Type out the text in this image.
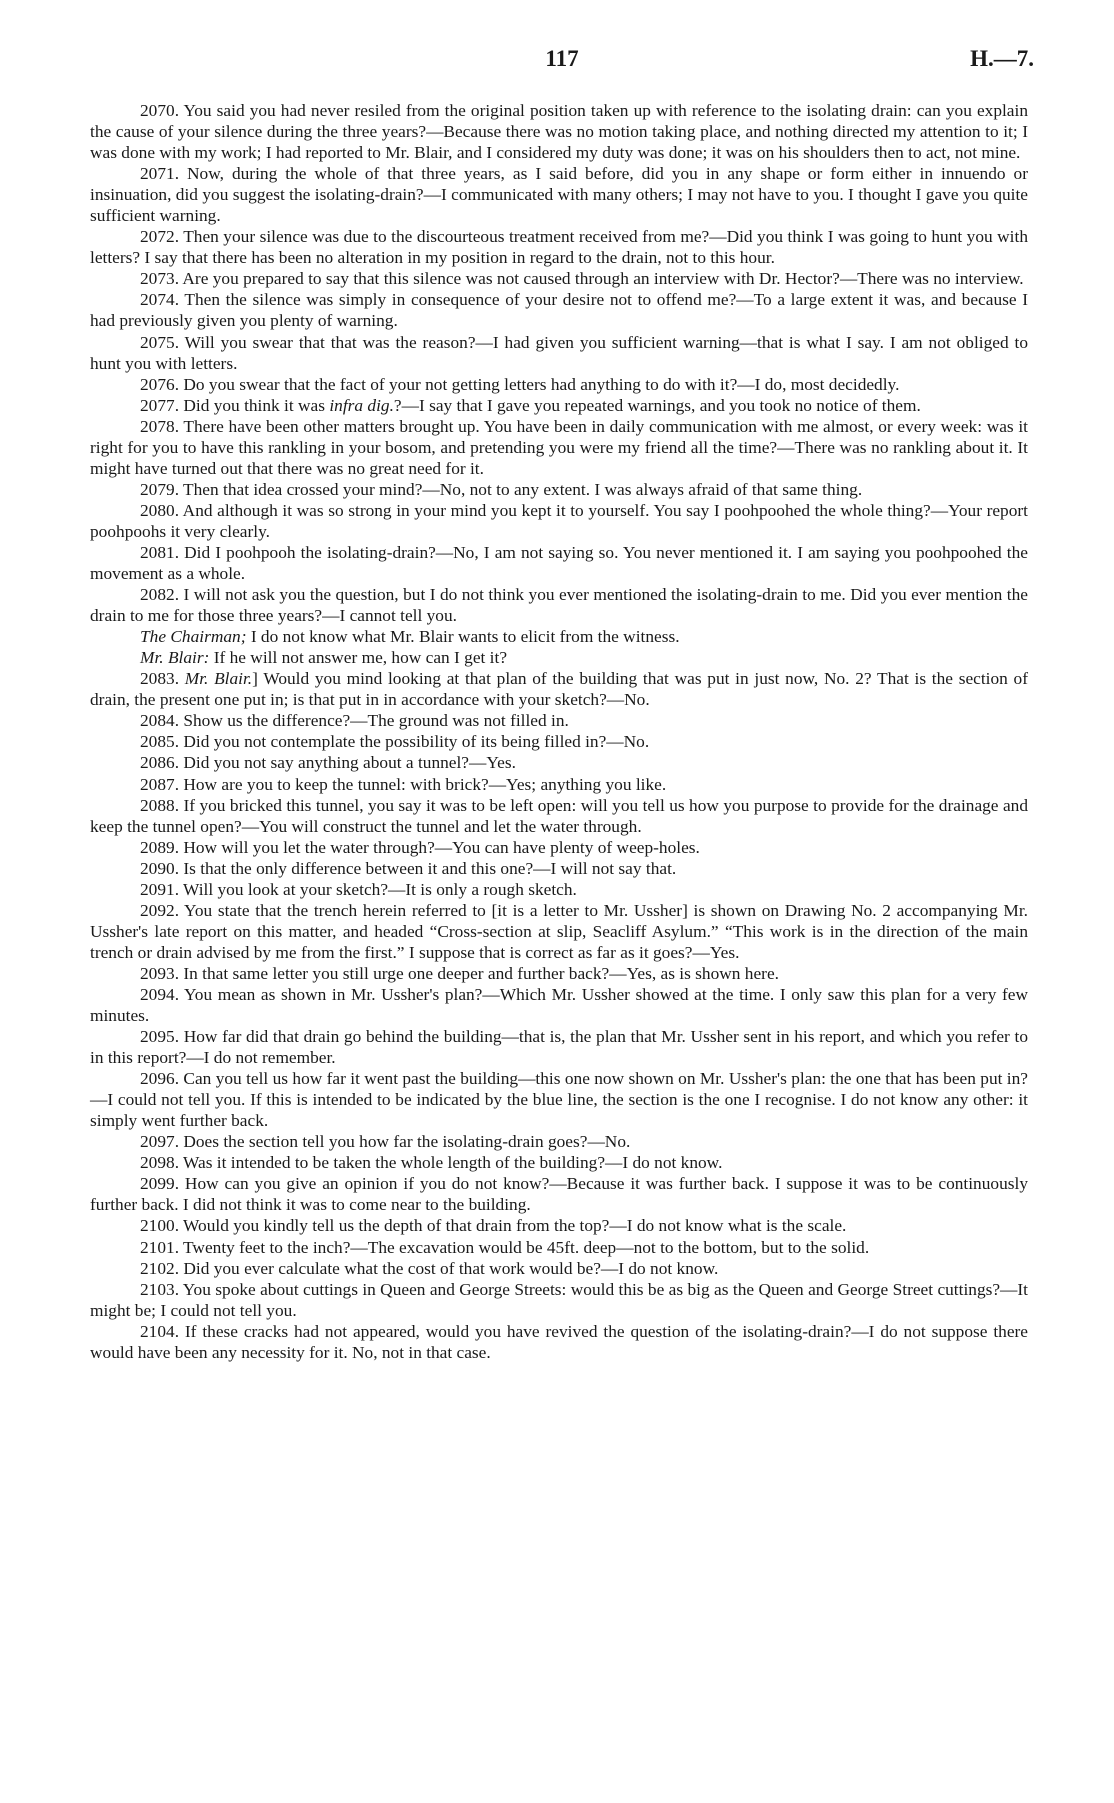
117	H.—7.

2070. You said you had never resiled from the original position taken up with reference to the isolating drain: can you explain the cause of your silence during the three years?—Because there was no motion taking place, and nothing directed my attention to it; I was done with my work; I had reported to Mr. Blair, and I considered my duty was done; it was on his shoulders then to act, not mine.

2071. Now, during the whole of that three years, as I said before, did you in any shape or form either in innuendo or insinuation, did you suggest the isolating-drain?—I communicated with many others; I may not have to you. I thought I gave you quite sufficient warning.

2072. Then your silence was due to the discourteous treatment received from me?—Did you think I was going to hunt you with letters? I say that there has been no alteration in my position in regard to the drain, not to this hour.

2073. Are you prepared to say that this silence was not caused through an interview with Dr. Hector?—There was no interview.

2074. Then the silence was simply in consequence of your desire not to offend me?—To a large extent it was, and because I had previously given you plenty of warning.

2075. Will you swear that that was the reason?—I had given you sufficient warning—that is what I say. I am not obliged to hunt you with letters.

2076. Do you swear that the fact of your not getting letters had anything to do with it?—I do, most decidedly.

2077. Did you think it was infra dig.?—I say that I gave you repeated warnings, and you took no notice of them.

2078. There have been other matters brought up. You have been in daily communication with me almost, or every week: was it right for you to have this rankling in your bosom, and pretending you were my friend all the time?—There was no rankling about it. It might have turned out that there was no great need for it.

2079. Then that idea crossed your mind?—No, not to any extent. I was always afraid of that same thing.

2080. And although it was so strong in your mind you kept it to yourself. You say I poohpoohed the whole thing?—Your report poohpoohs it very clearly.

2081. Did I poohpooh the isolating-drain?—No, I am not saying so. You never mentioned it. I am saying you poohpoohed the movement as a whole.

2082. I will not ask you the question, but I do not think you ever mentioned the isolating-drain to me. Did you ever mention the drain to me for those three years?—I cannot tell you.

The Chairman; I do not know what Mr. Blair wants to elicit from the witness.

Mr. Blair: If he will not answer me, how can I get it?

2083. Mr. Blair.] Would you mind looking at that plan of the building that was put in just now, No. 2? That is the section of drain, the present one put in; is that put in in accordance with your sketch?—No.

2084. Show us the difference?—The ground was not filled in.

2085. Did you not contemplate the possibility of its being filled in?—No.

2086. Did you not say anything about a tunnel?—Yes.

2087. How are you to keep the tunnel: with brick?—Yes; anything you like.

2088. If you bricked this tunnel, you say it was to be left open: will you tell us how you purpose to provide for the drainage and keep the tunnel open?—You will construct the tunnel and let the water through.

2089. How will you let the water through?—You can have plenty of weep-holes.

2090. Is that the only difference between it and this one?—I will not say that.

2091. Will you look at your sketch?—It is only a rough sketch.

2092. You state that the trench herein referred to [it is a letter to Mr. Ussher] is shown on Drawing No. 2 accompanying Mr. Ussher's late report on this matter, and headed “Cross-section at slip, Seacliff Asylum.” “This work is in the direction of the main trench or drain advised by me from the first.” I suppose that is correct as far as it goes?—Yes.

2093. In that same letter you still urge one deeper and further back?—Yes, as is shown here.

2094. You mean as shown in Mr. Ussher's plan?—Which Mr. Ussher showed at the time. I only saw this plan for a very few minutes.

2095. How far did that drain go behind the building—that is, the plan that Mr. Ussher sent in his report, and which you refer to in this report?—I do not remember.

2096. Can you tell us how far it went past the building—this one now shown on Mr. Ussher's plan: the one that has been put in?—I could not tell you. If this is intended to be indicated by the blue line, the section is the one I recognise. I do not know any other: it simply went further back.

2097. Does the section tell you how far the isolating-drain goes?—No.

2098. Was it intended to be taken the whole length of the building?—I do not know.

2099. How can you give an opinion if you do not know?—Because it was further back. I suppose it was to be continuously further back. I did not think it was to come near to the building.

2100. Would you kindly tell us the depth of that drain from the top?—I do not know what is the scale.

2101. Twenty feet to the inch?—The excavation would be 45ft. deep—not to the bottom, but to the solid.

2102. Did you ever calculate what the cost of that work would be?—I do not know.

2103. You spoke about cuttings in Queen and George Streets: would this be as big as the Queen and George Street cuttings?—It might be; I could not tell you.

2104. If these cracks had not appeared, would you have revived the question of the isolating-drain?—I do not suppose there would have been any necessity for it. No, not in that case.
